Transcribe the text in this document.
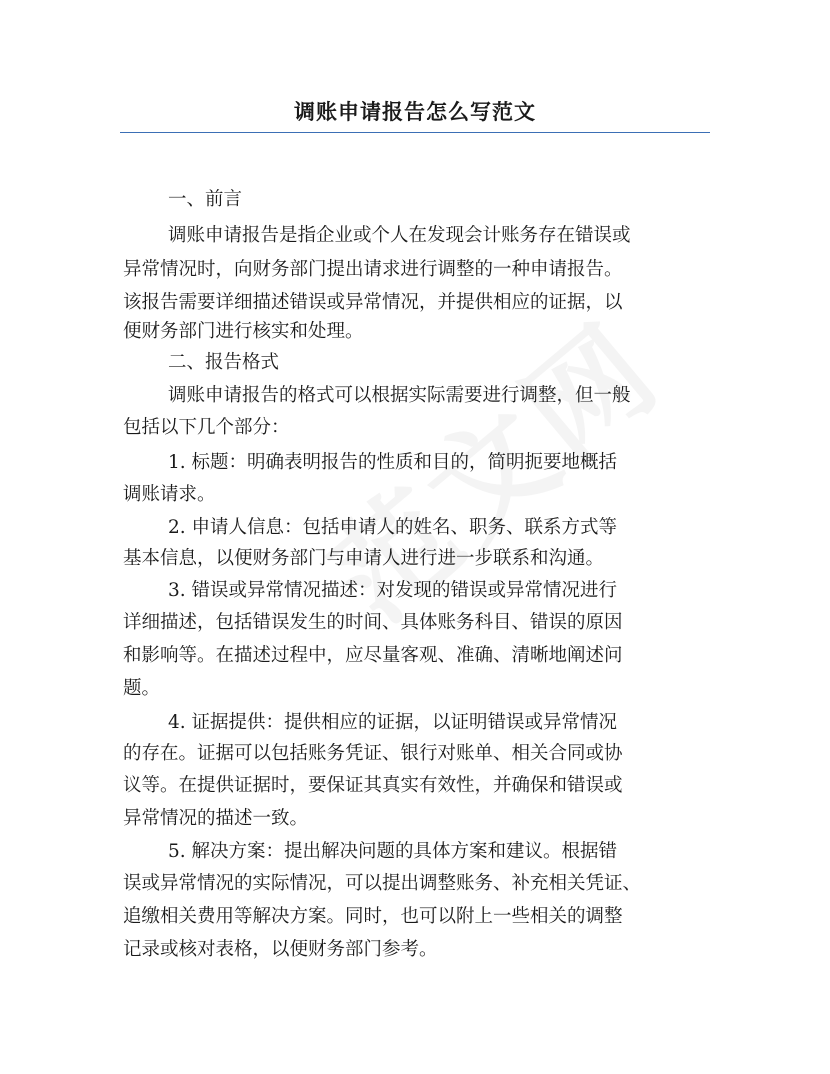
调账申请报告怎么写范文
一、前言
调账申请报告是指企业或个人在发现会计账务存在错误或
异常情况时，向财务部门提出请求进行调整的一种申请报告。
该报告需要详细描述错误或异常情况，并提供相应的证据，以
便财务部门进行核实和处理。
二、报告格式
调账申请报告的格式可以根据实际需要进行调整，但一般
包括以下几个部分：
1. 标题：明确表明报告的性质和目的，简明扼要地概括
调账请求。
2. 申请人信息：包括申请人的姓名、职务、联系方式等
基本信息，以便财务部门与申请人进行进一步联系和沟通。
3. 错误或异常情况描述：对发现的错误或异常情况进行
详细描述，包括错误发生的时间、具体账务科目、错误的原因
和影响等。在描述过程中，应尽量客观、准确、清晰地阐述问
题。
4. 证据提供：提供相应的证据，以证明错误或异常情况
的存在。证据可以包括账务凭证、银行对账单、相关合同或协
议等。在提供证据时，要保证其真实有效性，并确保和错误或
异常情况的描述一致。
5. 解决方案：提出解决问题的具体方案和建议。根据错
误或异常情况的实际情况，可以提出调整账务、补充相关凭证、
追缴相关费用等解决方案。同时，也可以附上一些相关的调整
记录或核对表格，以便财务部门参考。
